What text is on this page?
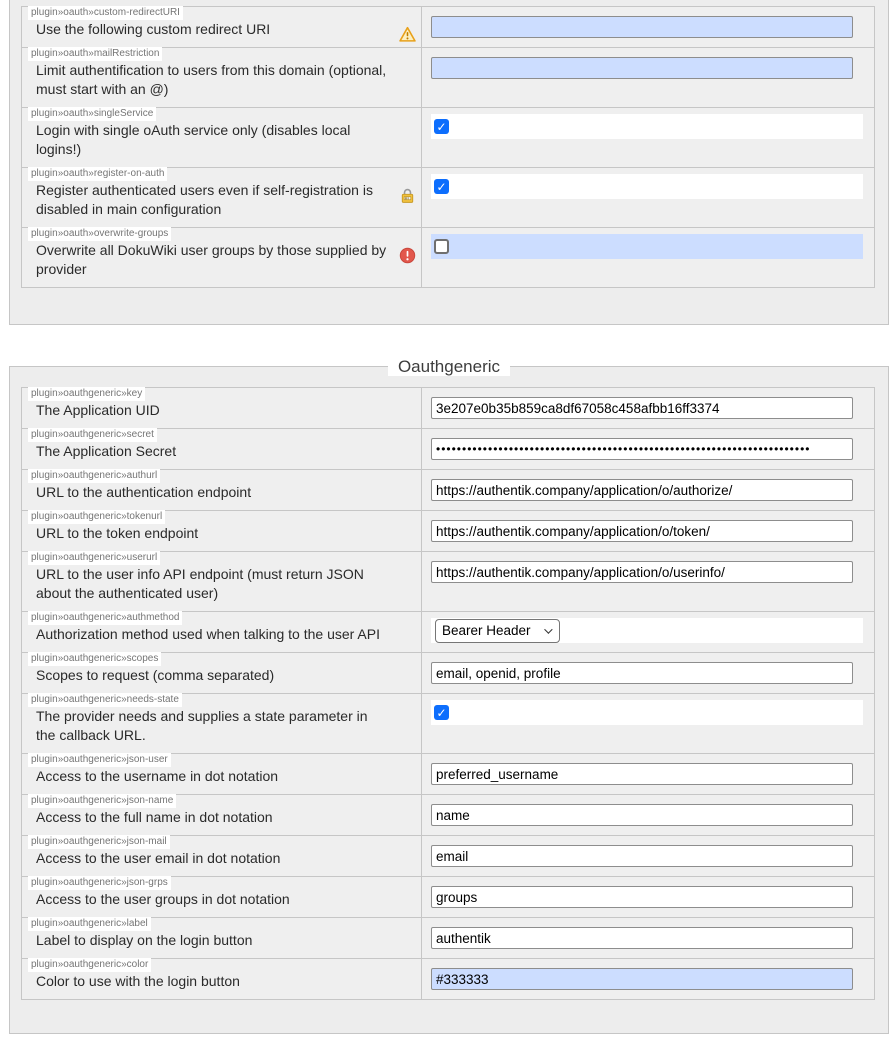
plugin»oauth»custom-redirectURI
Use the following custom redirect URI
plugin»oauth»mailRestriction
Limit authentification to users from this domain (optional, must start with an @)
plugin»oauth»singleService
Login with single oAuth service only (disables local logins!)
✓
plugin»oauth»register-on-auth
Register authenticated users even if self-registration is disabled in main configuration
✓
plugin»oauth»overwrite-groups
Overwrite all DokuWiki user groups by those supplied by provider
Oauthgeneric
plugin»oauthgeneric»key
The Application UID
3e207e0b35b859ca8df67058c458afbb16ff3374
plugin»oauthgeneric»secret
The Application Secret
••••••••••••••••••••••••••••••••••••••••••••••••••••••••••••••••••••••••
plugin»oauthgeneric»authurl
URL to the authentication endpoint
https://authentik.company/application/o/authorize/
plugin»oauthgeneric»tokenurl
URL to the token endpoint
https://authentik.company/application/o/token/
plugin»oauthgeneric»userurl
URL to the user info API endpoint (must return JSON about the authenticated user)
https://authentik.company/application/o/userinfo/
plugin»oauthgeneric»authmethod
Authorization method used when talking to the user API	Bearer Header
plugin»oauthgeneric»scopes
Scopes to request (comma separated)
email, openid, profile
plugin»oauthgeneric»needs-state
The provider needs and supplies a state parameter in the callback URL.
✓
plugin»oauthgeneric»json-user
Access to the username in dot notation
preferred_username
plugin»oauthgeneric»json-name
Access to the full name in dot notation
name
plugin»oauthgeneric»json-mail
Access to the user email in dot notation
email
plugin»oauthgeneric»json-grps
Access to the user groups in dot notation
groups
plugin»oauthgeneric»label
Label to display on the login button
authentik
plugin»oauthgeneric»color
Color to use with the login button
#333333
